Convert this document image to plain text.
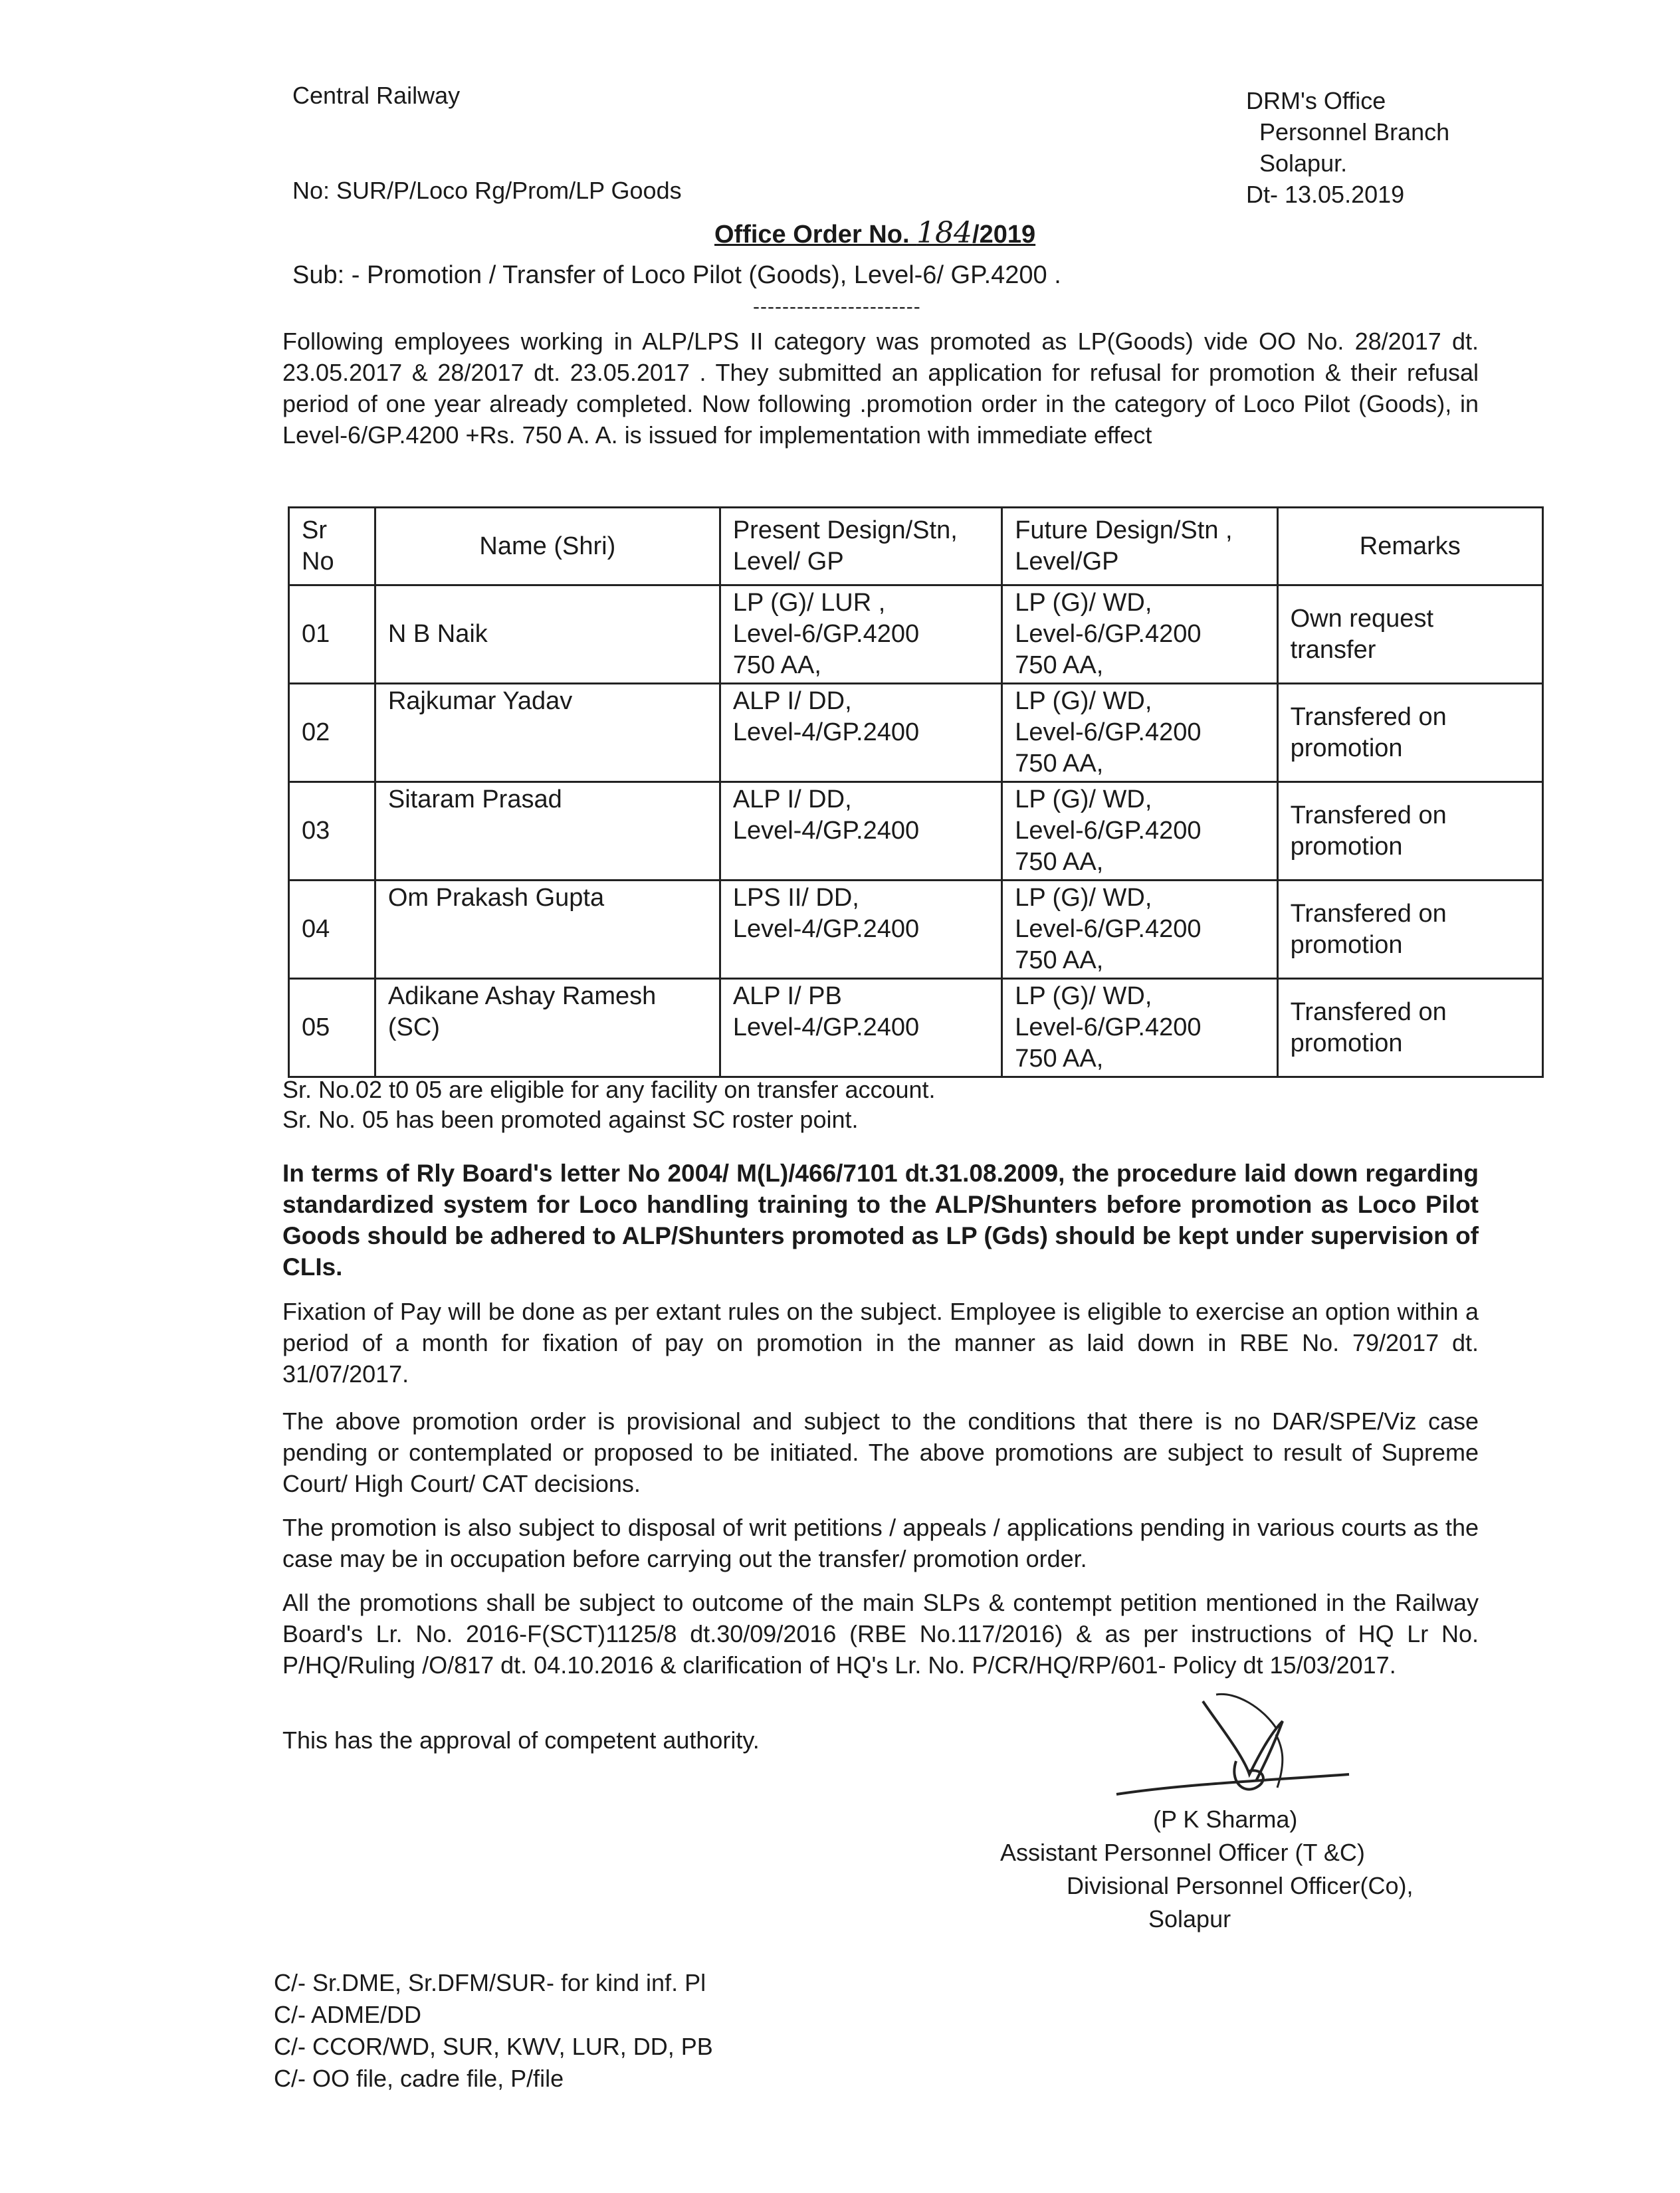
Central Railway	DRM's Office
Personnel Branch
Solapur.
Dt- 13.05.2019
No: SUR/P/Loco Rg/Prom/LP Goods
Office Order No. 184/2019
Sub: - Promotion / Transfer of Loco Pilot (Goods), Level-6/ GP.4200 .
-----------------------
Following employees working in ALP/LPS II category was promoted as LP(Goods) vide OO No. 28/2017 dt. 23.05.2017 & 28/2017 dt. 23.05.2017 . They submitted an application for refusal for promotion & their refusal period of one year already completed. Now following .promotion order in the category of Loco Pilot (Goods), in Level-6/GP.4200 +Rs. 750 A. A. is issued for implementation with immediate effect
Sr No	Name (Shri)	Present Design/Stn, Level/ GP	Future Design/Stn , Level/GP	Remarks
01	N B Naik	LP (G)/ LUR ,
Level-6/GP.4200
750 AA,	LP (G)/ WD,
Level-6/GP.4200
750 AA,	Own request
transfer

02	Rajkumar Yadav	ALP I/ DD,
Level-4/GP.2400	LP (G)/ WD,
Level-6/GP.4200
750 AA,	Transfered on
promotion

03	Sitaram Prasad	ALP I/ DD,
Level-4/GP.2400	LP (G)/ WD,
Level-6/GP.4200
750 AA,	Transfered on
promotion

04	Om Prakash Gupta	LPS II/ DD,
Level-4/GP.2400	LP (G)/ WD,
Level-6/GP.4200
750 AA,	Transfered on
promotion

05	Adikane Ashay Ramesh
(SC)	ALP I/ PB
Level-4/GP.2400	LP (G)/ WD,
Level-6/GP.4200
750 AA,	Transfered on
promotion
Sr. No.02 t0 05 are eligible for any facility on transfer account.
Sr. No. 05 has been promoted against SC roster point.
In terms of Rly Board's letter No 2004/ M(L)/466/7101 dt.31.08.2009, the procedure laid down regarding standardized system for Loco handling training to the ALP/Shunters before promotion as Loco Pilot Goods should be adhered to ALP/Shunters promoted as LP (Gds) should be kept under supervision of CLIs.
Fixation of Pay will be done as per extant rules on the subject. Employee is eligible to exercise an option within a period of a month for fixation of pay on promotion in the manner as laid down in RBE No. 79/2017 dt. 31/07/2017.
The above promotion order is provisional and subject to the conditions that there is no DAR/SPE/Viz case pending or contemplated or proposed to be initiated. The above promotions are subject to result of Supreme Court/ High Court/ CAT decisions.
The promotion is also subject to disposal of writ petitions / appeals / applications pending in various courts as the case may be in occupation before carrying out the transfer/ promotion order.
All the promotions shall be subject to outcome of the main SLPs & contempt petition mentioned in the Railway Board's Lr. No. 2016-F(SCT)1125/8 dt.30/09/2016 (RBE No.117/2016) & as per instructions of HQ Lr No. P/HQ/Ruling /O/817 dt. 04.10.2016 & clarification of HQ's Lr. No. P/CR/HQ/RP/601- Policy dt 15/03/2017.
This has the approval of competent authority.
(P K Sharma)
Assistant Personnel Officer (T &C)
Divisional Personnel Officer(Co),
Solapur
C/- Sr.DME, Sr.DFM/SUR- for kind inf. Pl
C/- ADME/DD
C/- CCOR/WD, SUR, KWV, LUR, DD, PB
C/- OO file, cadre file, P/file
